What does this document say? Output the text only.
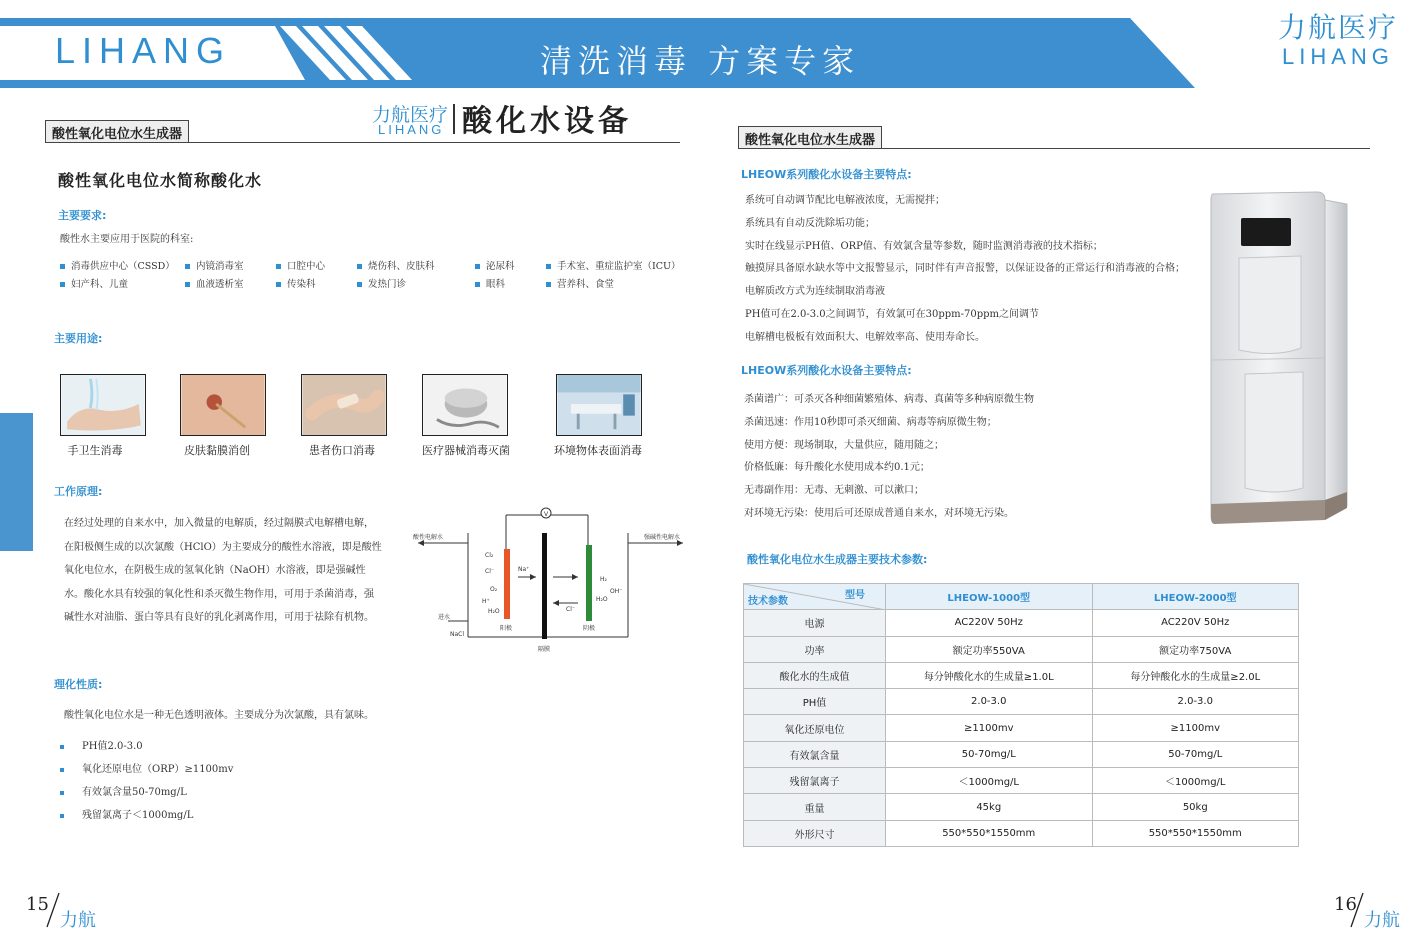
LIHANG	清洗消毒 方案专家
力航医疗
LIHANG
酸性氧化电位水生成器
力航医疗
LIHANG 酸化水设备
酸性氧化电位水简称酸化水
主要要求:
酸性水主要应用于医院的科室:
消毒供应中心（CSSD）	内镜消毒室	口腔中心	烧伤科、皮肤科	泌尿科	手术室、重症监护室（ICU）
妇产科、儿童	血液透析室	传染科	发热门诊	眼科	营养科、食堂
主要用途:
手卫生消毒	皮肤黏膜消创	患者伤口消毒	医疗器械消毒灭菌	环境物体表面消毒
工作原理:
在经过处理的自来水中，加入微量的电解质，经过隔膜式电解槽电解，在阳极侧生成的以次氯酸（HClO）为主要成分的酸性水溶液，即是酸性氧化电位水，在阴极生成的氢氧化钠（NaOH）水溶液，即是强碱性水。酸化水具有较强的氧化性和杀灭微生物作用，可用于杀菌消毒，强碱性水对油脂、蛋白等具有良好的乳化剥离作用，可用于祛除有机物。
V
酸性电解水	强碱性电解水
进水
NaCl
阳极	阴极
隔膜
Cl₂
Cl⁻
O₂
H⁺
H₂O
Na⁺
Cl⁻
H₂
OH⁻
H₂O
理化性质:
酸性氧化电位水是一种无色透明液体。主要成分为次氯酸，具有氯味。
PH值2.0-3.0
氧化还原电位（ORP）≥1100mv
有效氯含量50-70mg/L
残留氯离子＜1000mg/L
15
力航
酸性氧化电位水生成器
LHEOW系列酸化水设备主要特点:
系统可自动调节配比电解液浓度，无需搅拌；
系统具有自动反洗除垢功能；
实时在线显示PH值、ORP值、有效氯含量等参数，随时监测消毒液的技术指标；
触摸屏具备原水缺水等中文报警显示，同时伴有声音报警，以保证设备的正常运行和消毒液的合格；
电解质改方式为连续制取消毒液
PH值可在2.0-3.0之间调节，有效氯可在30ppm-70ppm之间调节
电解槽电极板有效面积大、电解效率高、使用寿命长。
LHEOW系列酸化水设备主要特点:
杀菌谱广：可杀灭各种细菌繁殖体、病毒、真菌等多种病原微生物
杀菌迅速：作用10秒即可杀灭细菌、病毒等病原微生物；
使用方便：现场制取，大量供应，随用随之；
价格低廉：每升酸化水使用成本约0.1元；
无毒副作用：无毒、无刺激、可以漱口；
对环境无污染：使用后可还原成普通自来水，对环境无污染。
酸性氧化电位水生成器主要技术参数:
型号
技术参数	LHEOW-1000型	LHEOW-2000型
电源	AC220V 50Hz	AC220V 50Hz
功率	额定功率550VA	额定功率750VA
酸化水的生成值	每分钟酸化水的生成量≥1.0L	每分钟酸化水的生成量≥2.0L
PH值	2.0-3.0	2.0-3.0
氧化还原电位	≥1100mv	≥1100mv
有效氯含量	50-70mg/L	50-70mg/L
残留氯离子	＜1000mg/L	＜1000mg/L
重量	45kg	50kg
外形尺寸	550*550*1550mm	550*550*1550mm
16
力航
